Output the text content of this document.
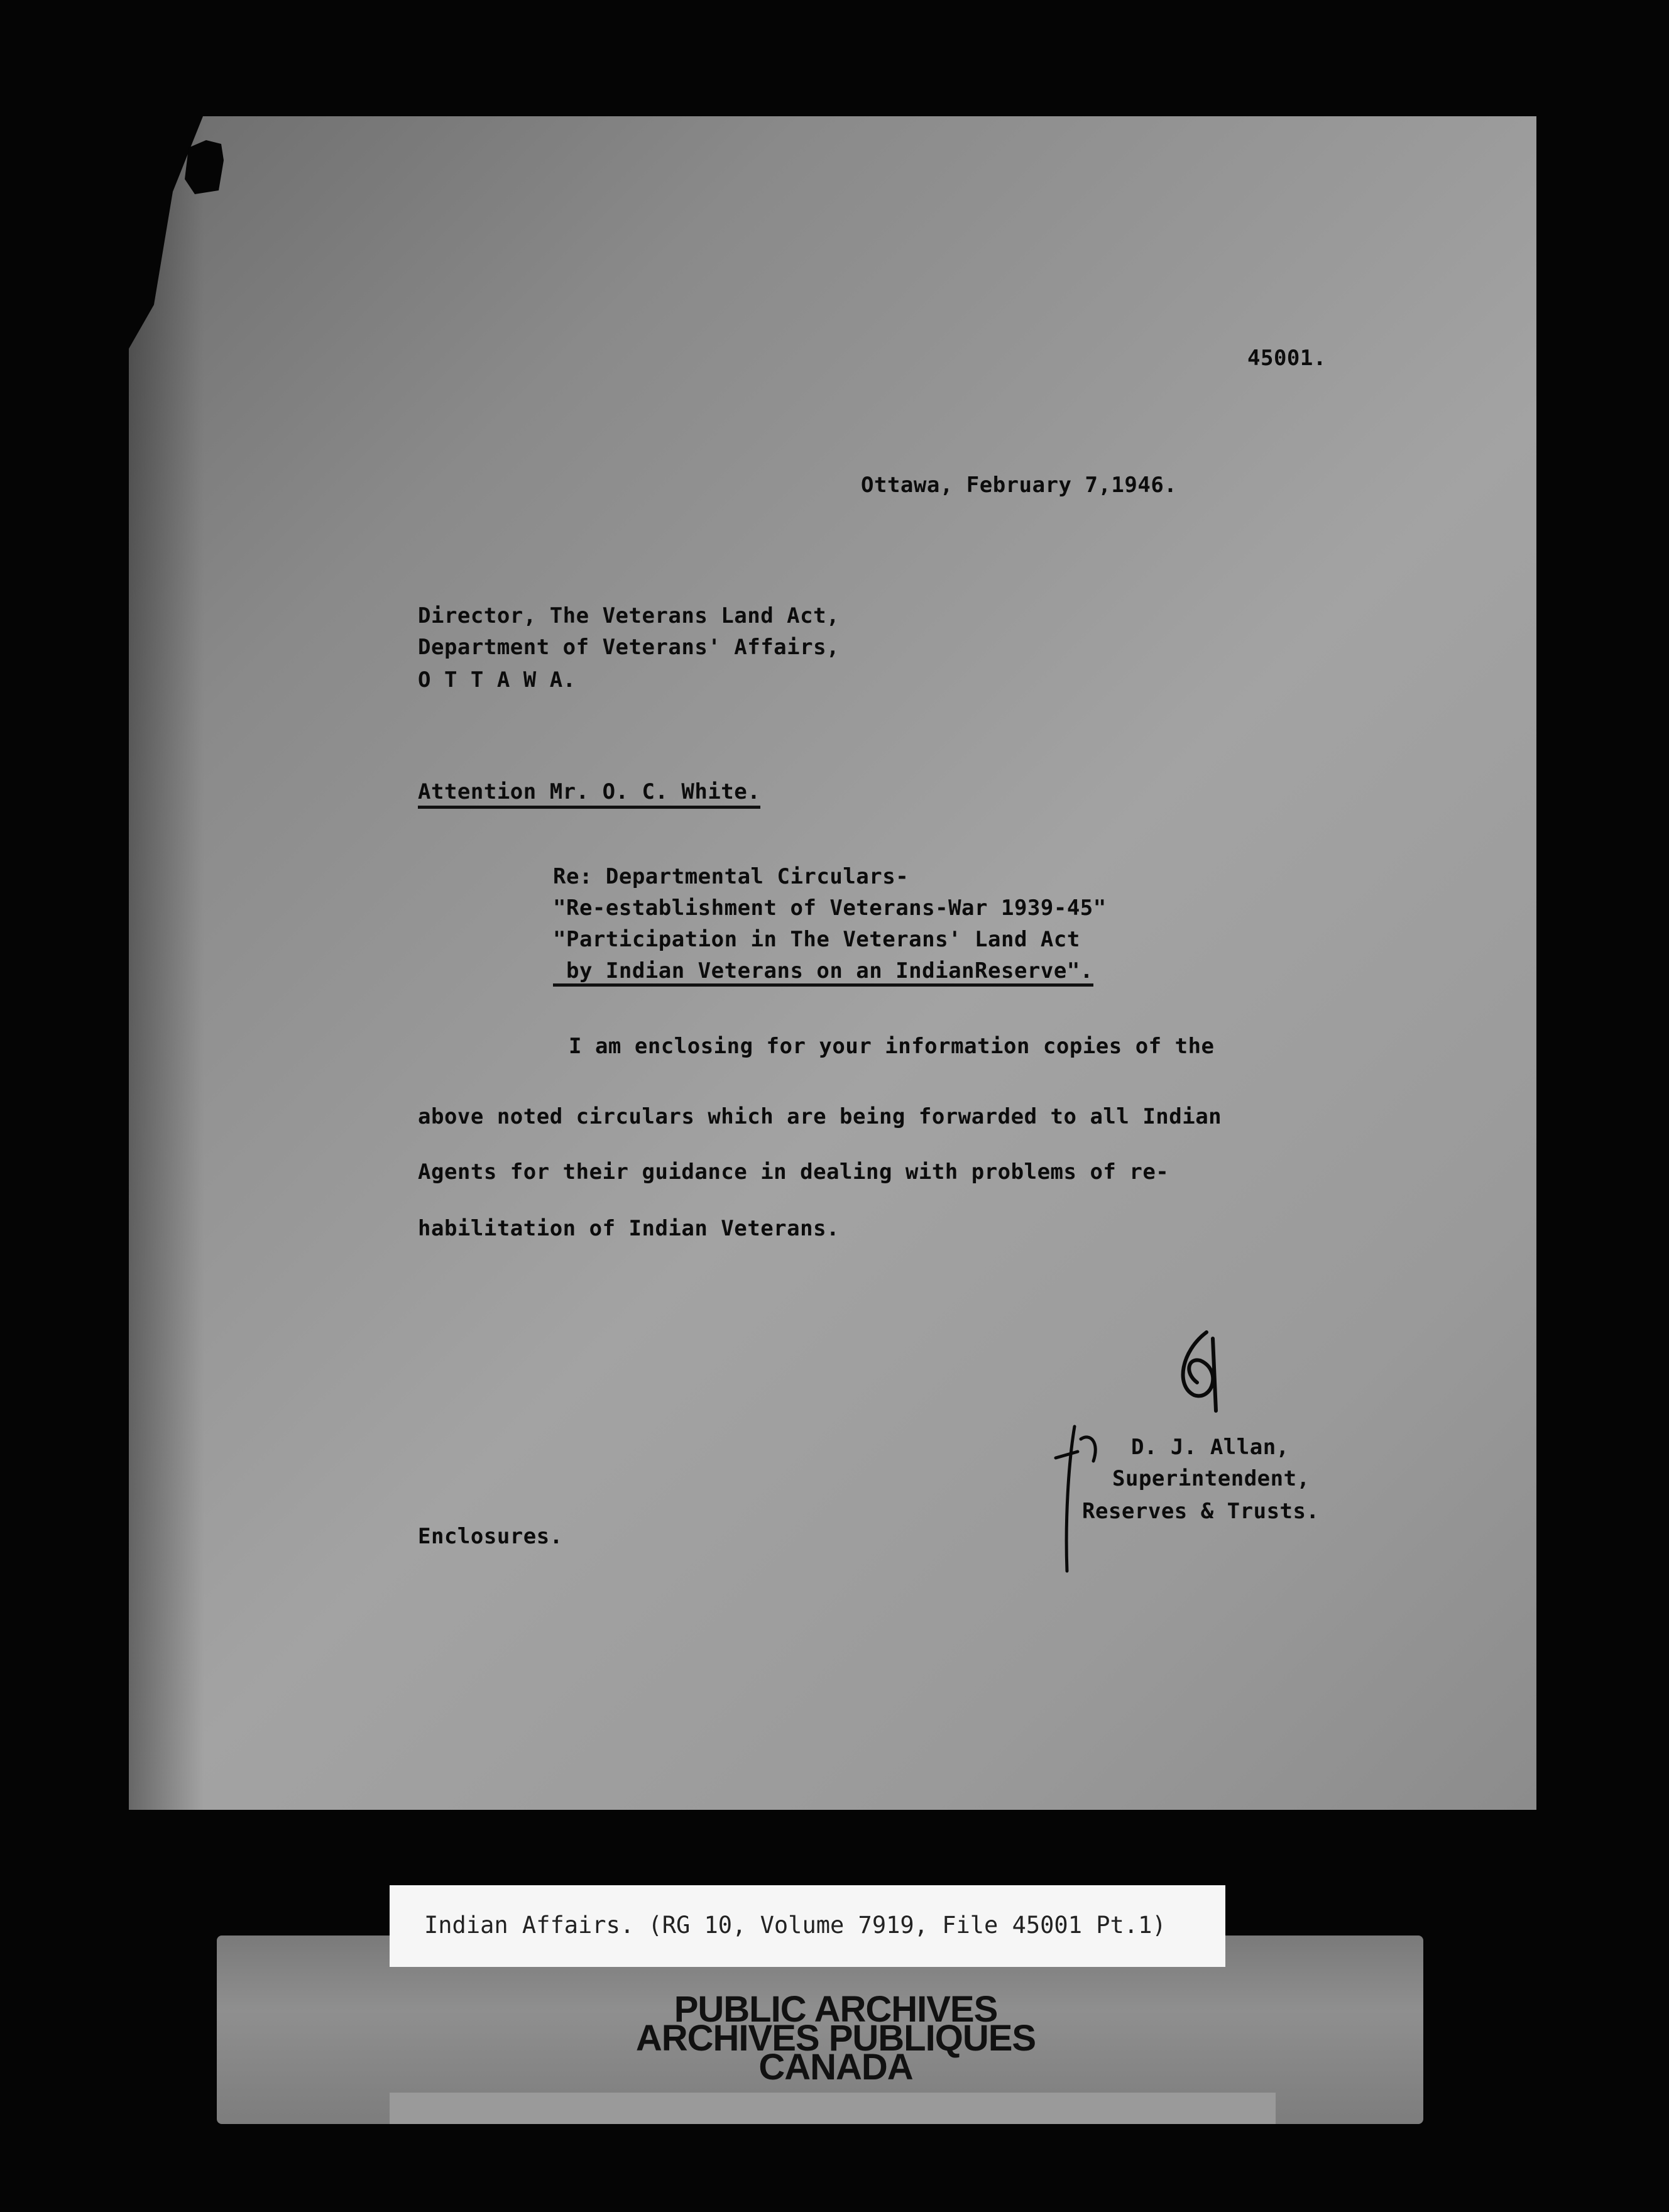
45001.

Ottawa, February 7,1946.

Director, The Veterans Land Act,

Department of Veterans' Affairs,

O T T A W A.

Attention Mr. O. C. White.

Re: Departmental Circulars-

"Re-establishment of Veterans-War 1939-45"

"Participation in The Veterans' Land Act

by Indian Veterans on an IndianReserve".

I am enclosing for your information copies of the

above noted circulars which are being forwarded to all Indian

Agents for their guidance in dealing with problems of re-

habilitation of Indian Veterans.

D. J. Allan,

Superintendent,

Reserves & Trusts.

Enclosures.

Indian Affairs. (RG 10, Volume 7919, File 45001 Pt.1)
PUBLIC ARCHIVES
ARCHIVES PUBLIQUES
CANADA
